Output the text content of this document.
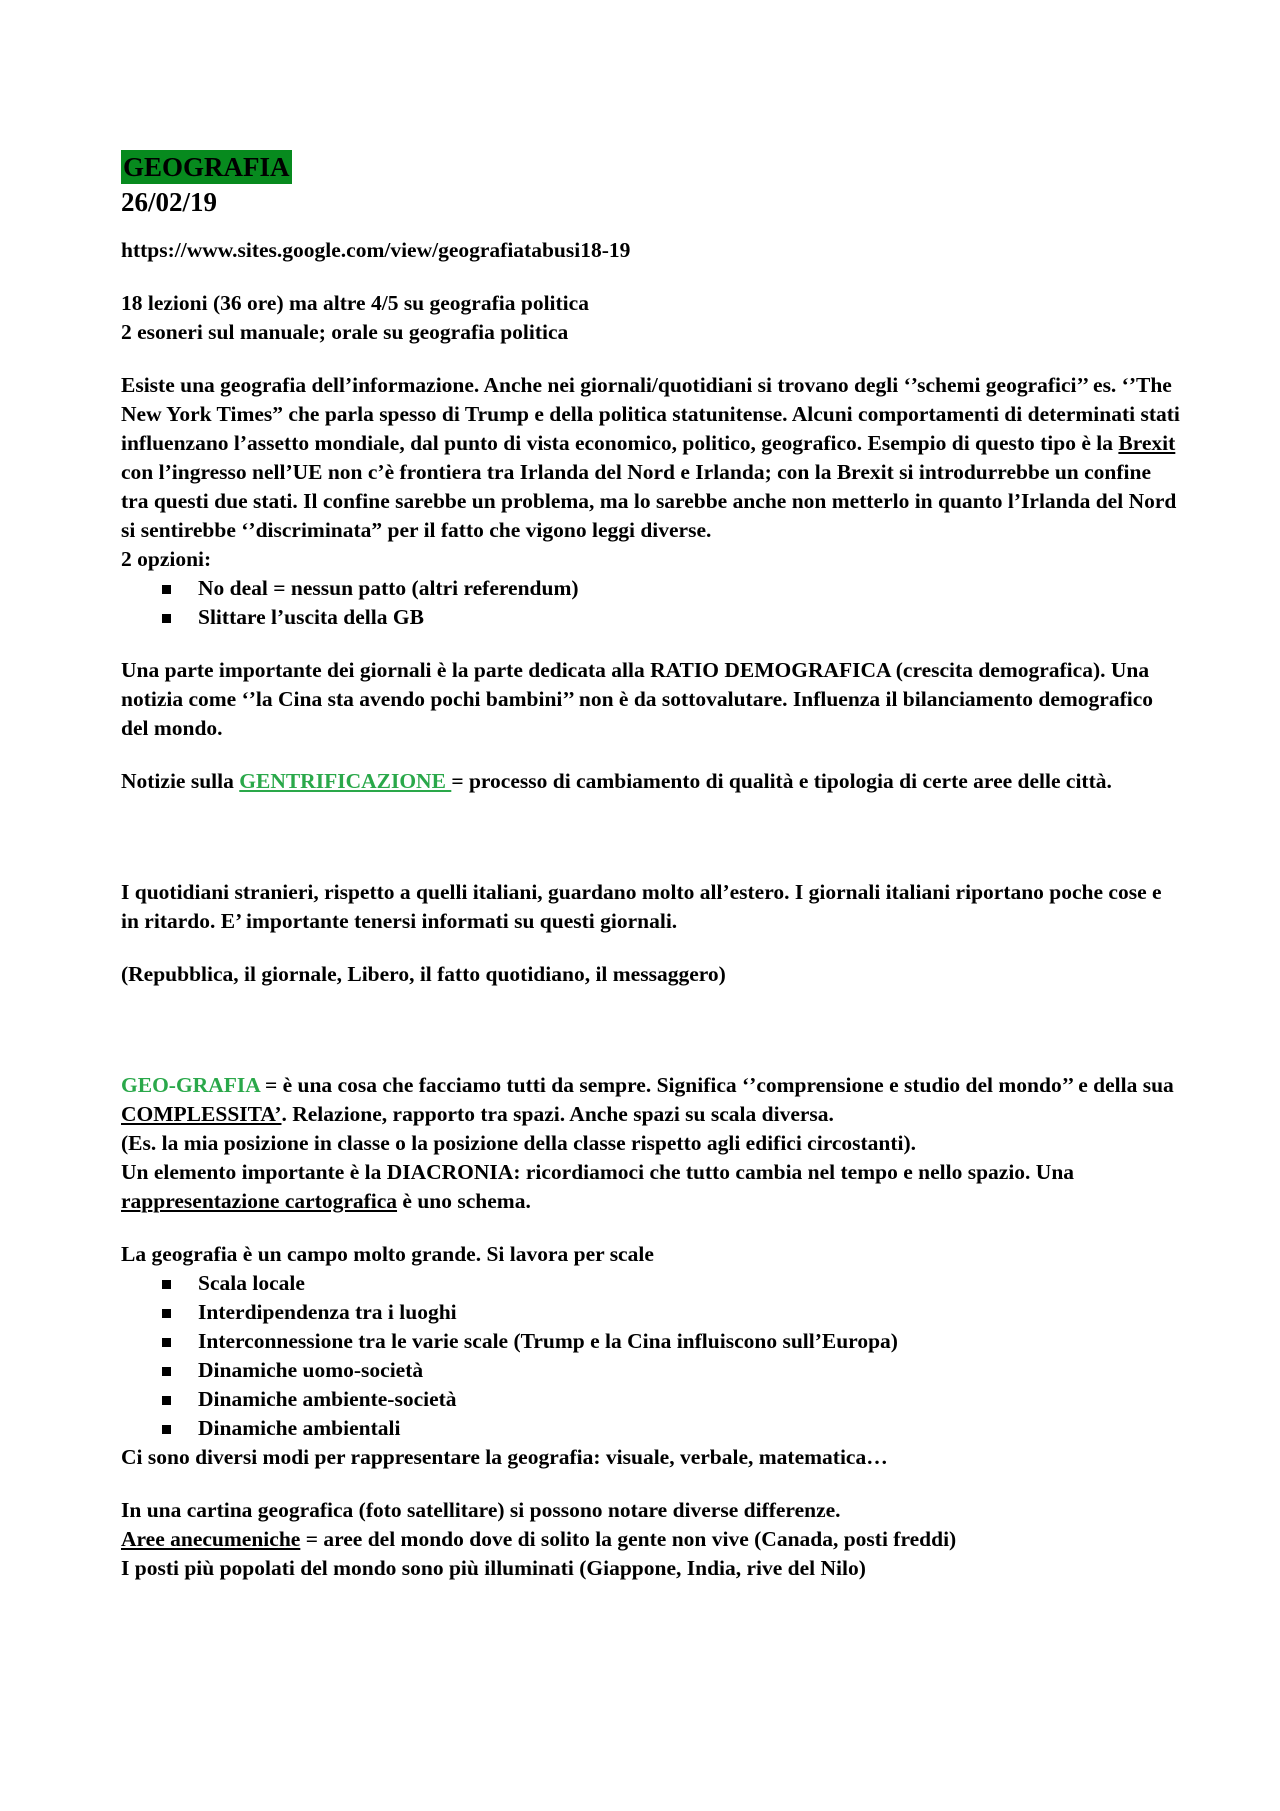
GEOGRAFIA
26/02/19

https://www.sites.google.com/view/geografiatabusi18-19

18 lezioni (36 ore) ma altre 4/5 su geografia politica

2 esoneri sul manuale; orale su geografia politica

Esiste una geografia dell’informazione. Anche nei giornali/quotidiani si trovano degli ‘’schemi geografici’’ es. ‘’The New York Times” che parla spesso di Trump e della politica statunitense. Alcuni comportamenti di determinati stati influenzano l’assetto mondiale, dal punto di vista economico, politico, geografico. Esempio di questo tipo è la Brexit con l’ingresso nell’UE non c’è frontiera tra Irlanda del Nord e Irlanda; con la Brexit si introdurrebbe un confine tra questi due stati. Il confine sarebbe un problema, ma lo sarebbe anche non metterlo in quanto l’Irlanda del Nord si sentirebbe ‘’discriminata” per il fatto che vigono leggi diverse.

2 opzioni:

No deal = nessun patto (altri referendum)
Slittare l’uscita della GB

Una parte importante dei giornali è la parte dedicata alla RATIO DEMOGRAFICA (crescita demografica). Una notizia come ‘’la Cina sta avendo pochi bambini’’ non è da sottovalutare. Influenza il bilanciamento demografico del mondo.

Notizie sulla GENTRIFICAZIONE = processo di cambiamento di qualità e tipologia di certe aree delle città.

I quotidiani stranieri, rispetto a quelli italiani, guardano molto all’estero. I giornali italiani riportano poche cose e in ritardo. E’ importante tenersi informati su questi giornali.

(Repubblica, il giornale, Libero, il fatto quotidiano, il messaggero)

GEO-GRAFIA = è una cosa che facciamo tutti da sempre. Significa ‘’comprensione e studio del mondo’’ e della sua COMPLESSITA’. Relazione, rapporto tra spazi. Anche spazi su scala diversa.

(Es. la mia posizione in classe o la posizione della classe rispetto agli edifici circostanti).

Un elemento importante è la DIACRONIA: ricordiamoci che tutto cambia nel tempo e nello spazio. Una rappresentazione cartografica è uno schema.

La geografia è un campo molto grande. Si lavora per scale

Scala locale
Interdipendenza tra i luoghi
Interconnessione tra le varie scale (Trump e la Cina influiscono sull’Europa)
Dinamiche uomo-società
Dinamiche ambiente-società
Dinamiche ambientali

Ci sono diversi modi per rappresentare la geografia: visuale, verbale, matematica…

In una cartina geografica (foto satellitare) si possono notare diverse differenze.

Aree anecumeniche = aree del mondo dove di solito la gente non vive (Canada, posti freddi)

I posti più popolati del mondo sono più illuminati (Giappone, India, rive del Nilo)
